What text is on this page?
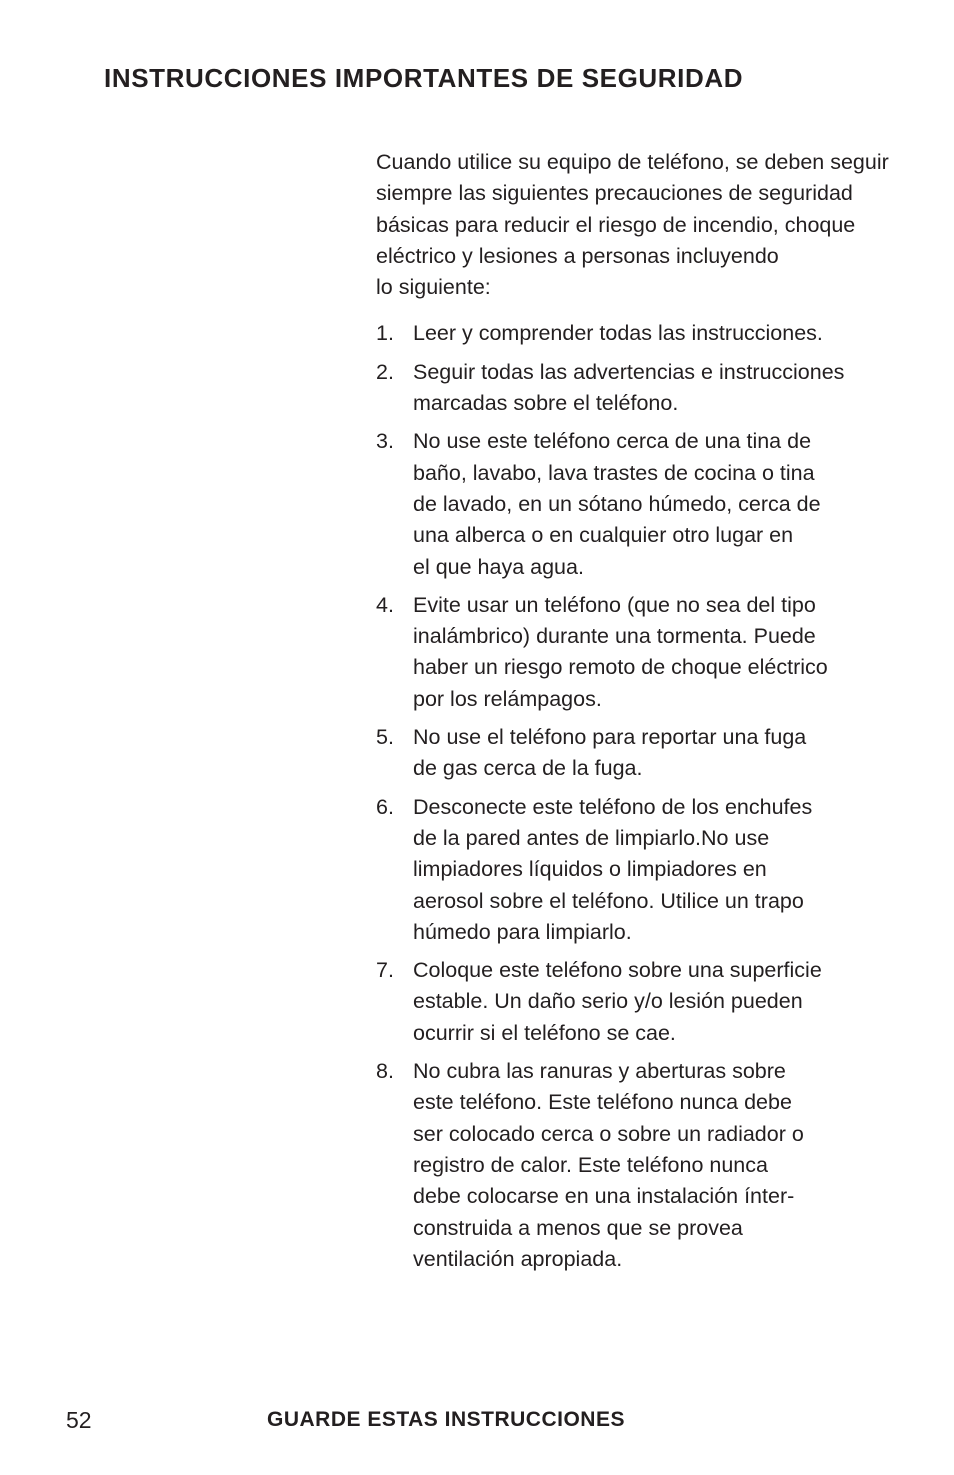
INSTRUCCIONES IMPORTANTES DE SEGURIDAD

Cuando utilice su equipo de teléfono, se deben seguir
siempre las siguientes precauciones de seguridad
básicas para reducir el riesgo de incendio, choque
eléctrico y lesiones a personas incluyendo
lo siguiente:

1. Leer y comprender todas las instrucciones.
2. Seguir todas las advertencias e instrucciones
marcadas sobre el teléfono.
3. No use este teléfono cerca de una tina de
baño, lavabo, lava trastes de cocina o tina
de lavado, en un sótano húmedo, cerca de
una alberca o en cualquier otro lugar en
el que haya agua.
4. Evite usar un teléfono (que no sea del tipo
inalámbrico) durante una tormenta. Puede
haber un riesgo remoto de choque eléctrico
por los relámpagos.
5. No use el teléfono para reportar una fuga
de gas cerca de la fuga.
6. Desconecte este teléfono de los enchufes
de la pared antes de limpiarlo.No use
limpiadores líquidos o limpiadores en
aerosol sobre el teléfono. Utilice un trapo
húmedo para limpiarlo.
7. Coloque este teléfono sobre una superficie
estable. Un daño serio y/o lesión pueden
ocurrir si el teléfono se cae.
8. No cubra las ranuras y aberturas sobre
este teléfono. Este teléfono nunca debe
ser colocado cerca o sobre un radiador o
registro de calor. Este teléfono nunca
debe colocarse en una instalación ínter-
construida a menos que se provea
ventilación apropiada.
52	GUARDE ESTAS INSTRUCCIONES
